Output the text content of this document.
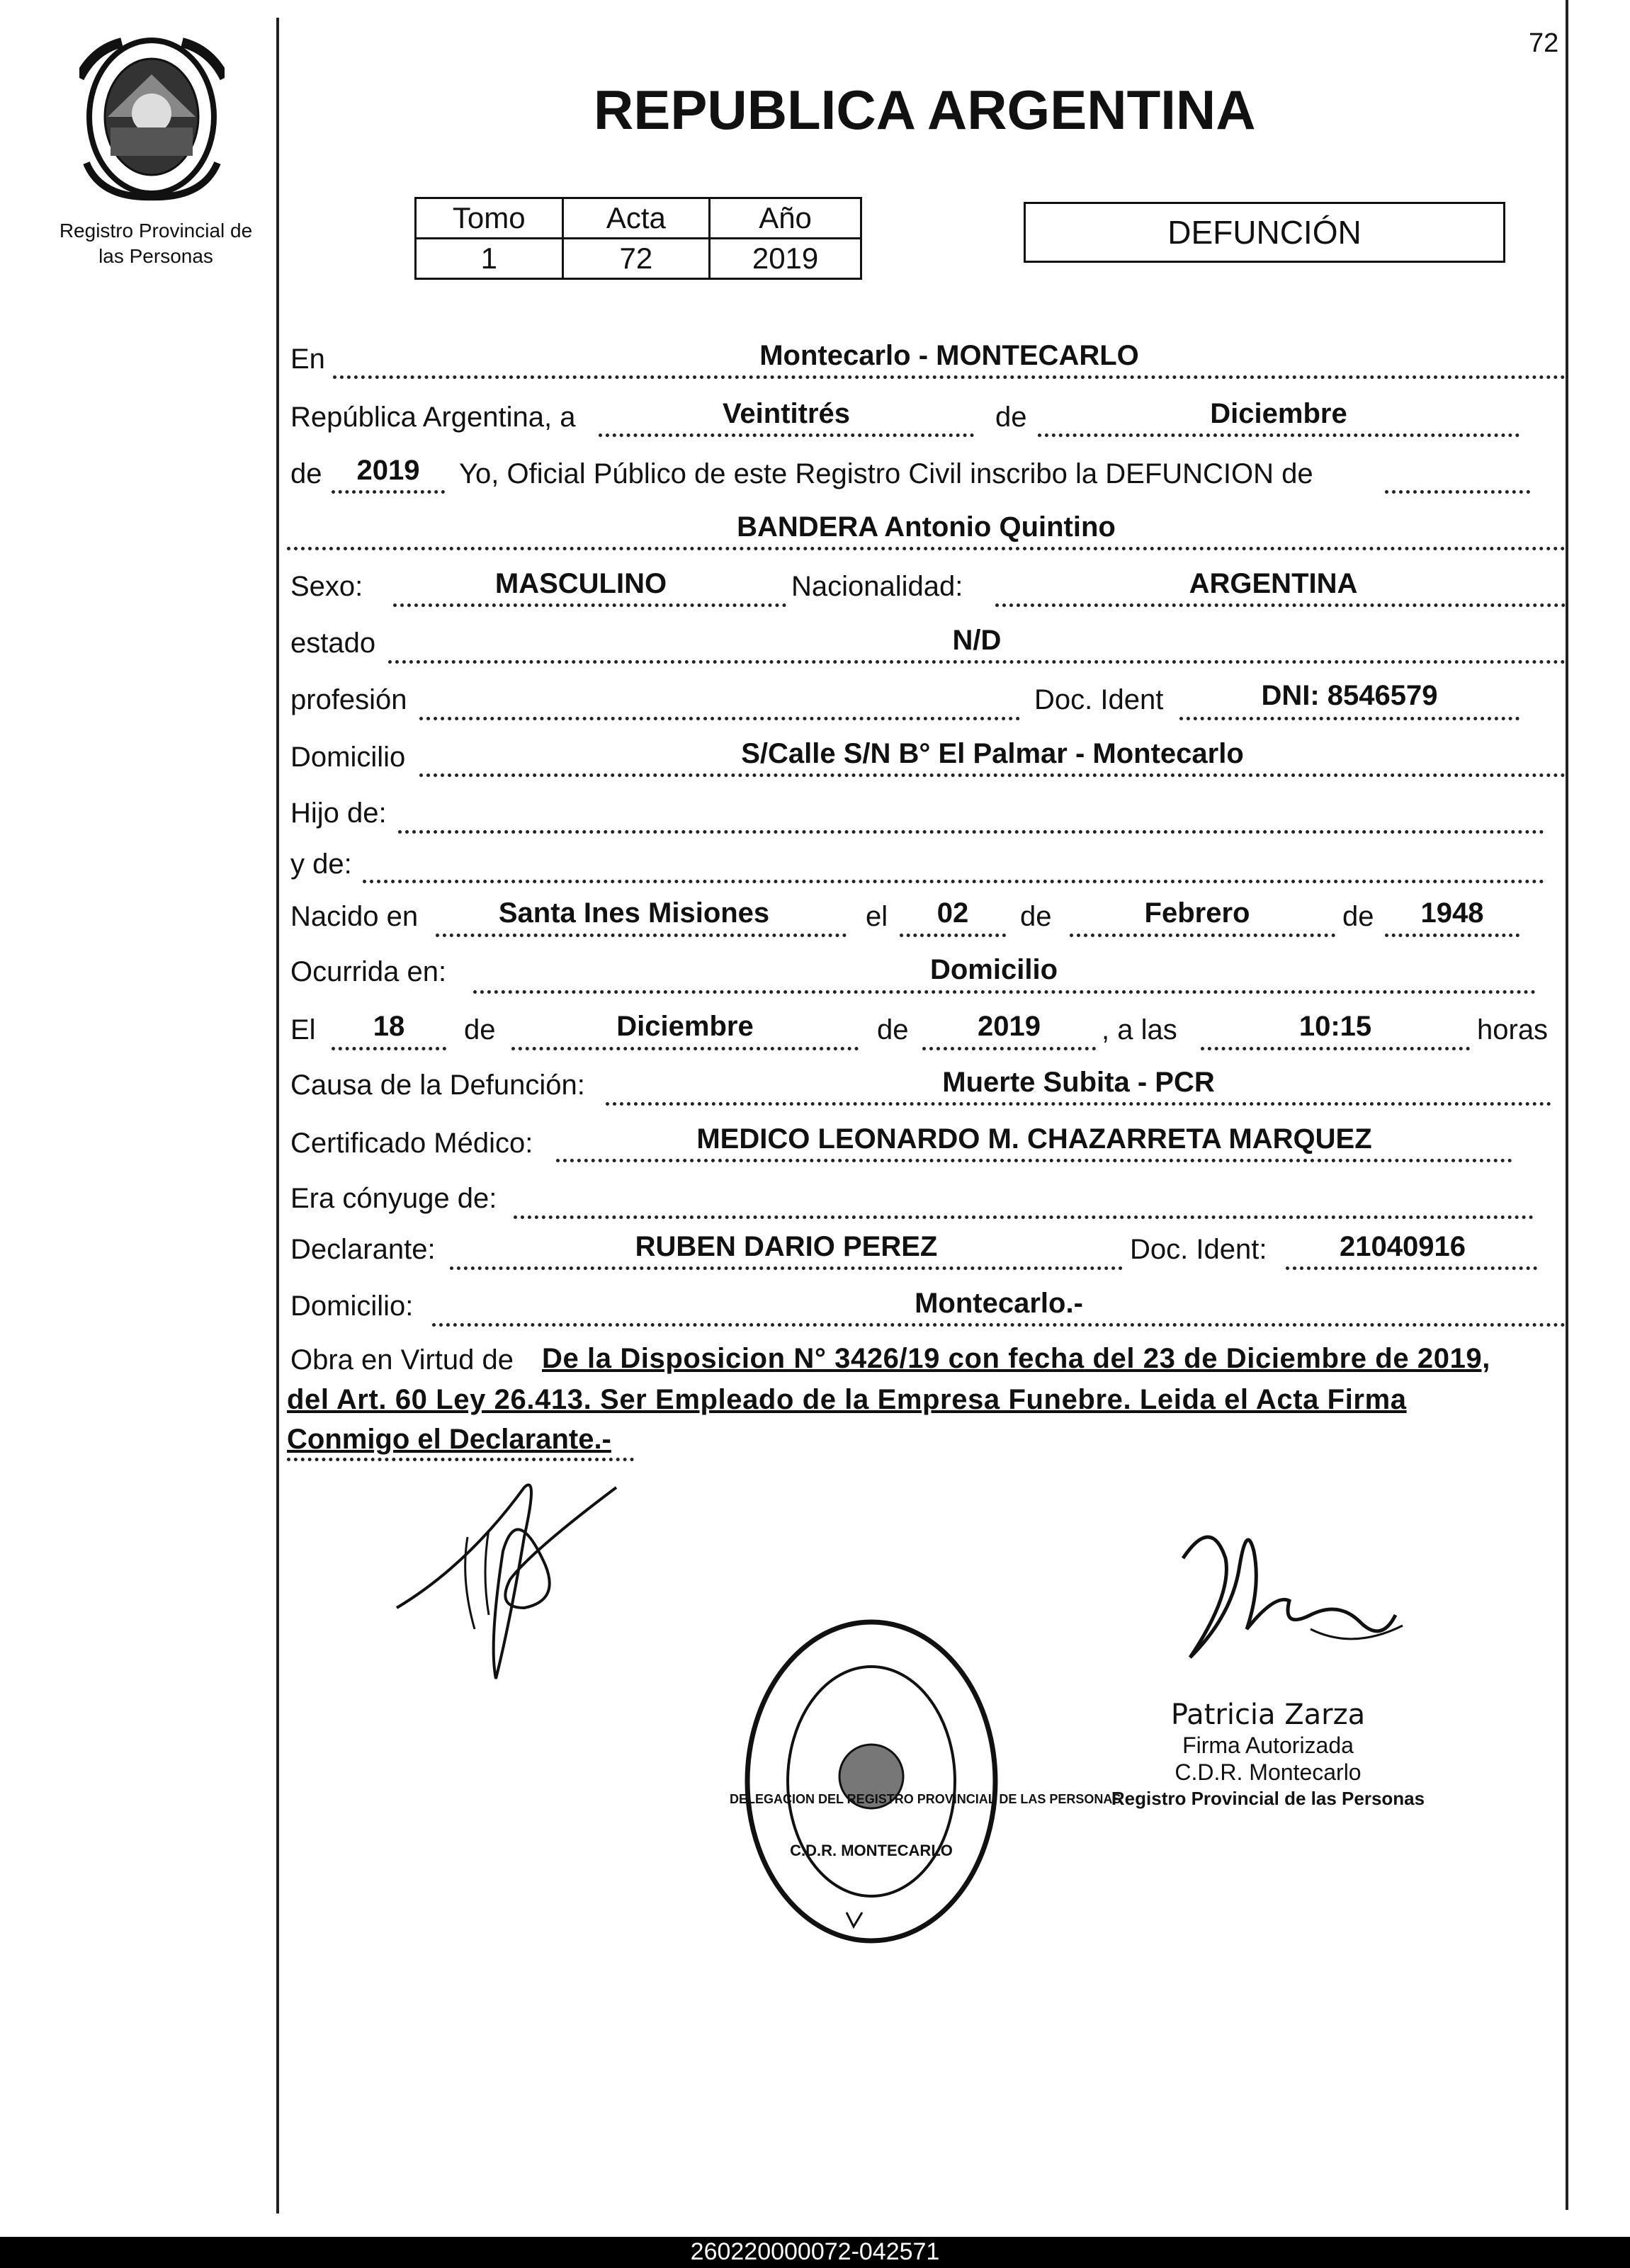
72
Registro Provincial de
las Personas
REPUBLICA ARGENTINA
Tomo	Acta	Año
1	72	2019
DEFUNCIÓN
En	Montecarlo - MONTECARLO
República Argentina, a	Veintitrés	de	Diciembre
de	2019	Yo, Oficial Público de este Registro Civil inscribo la DEFUNCION de
BANDERA Antonio Quintino
Sexo:	MASCULINO	Nacionalidad:	ARGENTINA
estado	N/D
profesión	Doc. Ident	DNI: 8546579
Domicilio	S/Calle S/N B° El Palmar - Montecarlo
Hijo de:
y de:
Nacido en	Santa Ines Misiones	el	02	de	Febrero	de	1948
Ocurrida en:	Domicilio
El	18	de	Diciembre	de	2019	, a las	10:15	horas
Causa de la Defunción:	Muerte Subita - PCR
Certificado Médico:	MEDICO LEONARDO M. CHAZARRETA MARQUEZ
Era cónyuge de:
Declarante:	RUBEN DARIO PEREZ	Doc. Ident:	21040916
Domicilio:	Montecarlo.-
Obra en Virtud de De la Disposicion N° 3426/19 con fecha del 23 de Diciembre de 2019,
del Art. 60 Ley 26.413. Ser Empleado de la Empresa Funebre. Leida el Acta Firma
Conmigo el Declarante.-
DELEGACION DEL REGISTRO PROVINCIAL DE LAS PERSONAS
C.D.R. MONTECARLO
Patricia Zarza
Firma Autorizada
C.D.R. Montecarlo
Registro Provincial de las Personas
260220000072-042571
